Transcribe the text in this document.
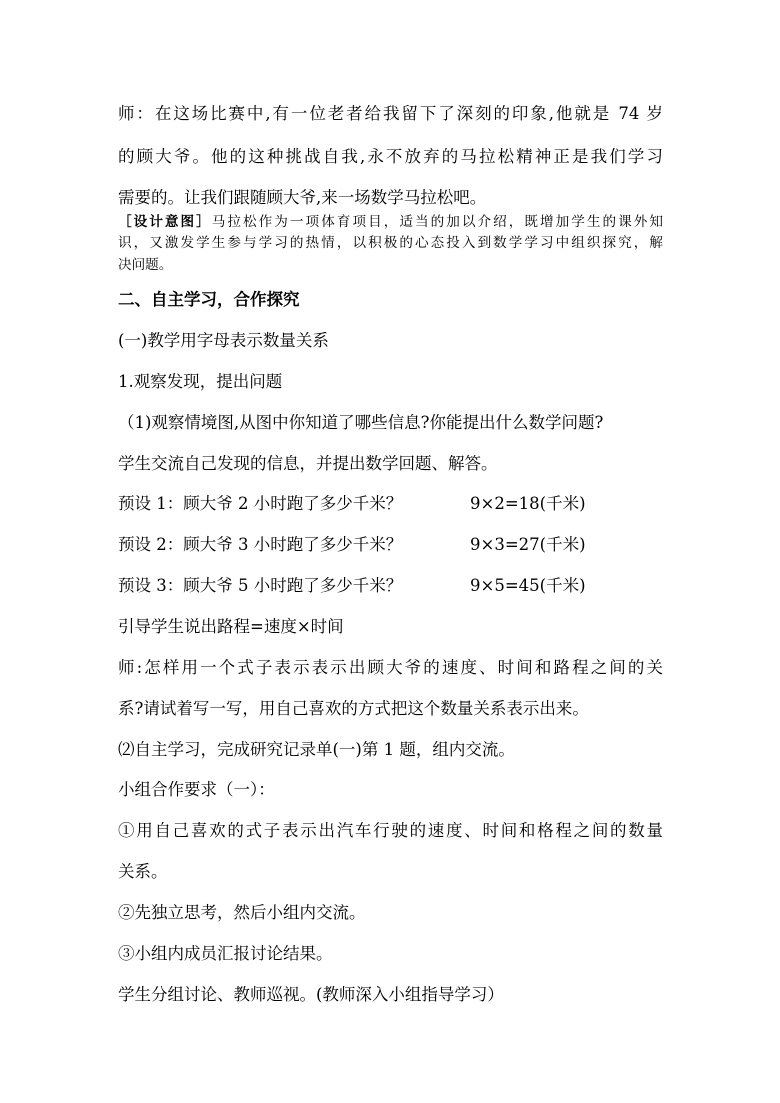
师：在这场比赛中,有一位老者给我留下了深刻的印象,他就是 74 岁

的顾大爷。他的这种挑战自我,永不放弃的马拉松精神正是我们学习

需要的。让我们跟随顾大爷,来一场数学马拉松吧。

［设计意图］马拉松作为一项体育项目，适当的加以介绍，既增加学生的课外知

识，又激发学生参与学习的热情，以积极的心态投入到数学学习中组织探究，解

决问题。

二、自主学习，合作探究

(一)教学用字母表示数量关系

1.观察发现，提出问题

（1)观察情境图,从图中你知道了哪些信息?你能提出什么数学问题?

学生交流自己发现的信息，并提出数学回题、解答。

预设 1：顾大爷 2 小时跑了多少千米？	9×2=18(千米)

预设 2：顾大爷 3 小时跑了多少千米？	9×3=27(千米)

预设 3：顾大爷 5 小时跑了多少千米？	9×5=45(千米)

引导学生说出路程=速度×时间

师:怎样用一个式子表示表示出顾大爷的速度、时间和路程之间的关

系?请试着写一写，用自己喜欢的方式把这个数量关系表示出来。

⑵自主学习，完成研究记录单(一)第 1 题，组内交流。

小组合作要求（一）：

①用自己喜欢的式子表示出汽车行驶的速度、时间和格程之间的数量

关系。

②先独立思考，然后小组内交流。

③小组内成员汇报讨论结果。

学生分组讨论、教师巡视。(教师深入小组指导学习）
